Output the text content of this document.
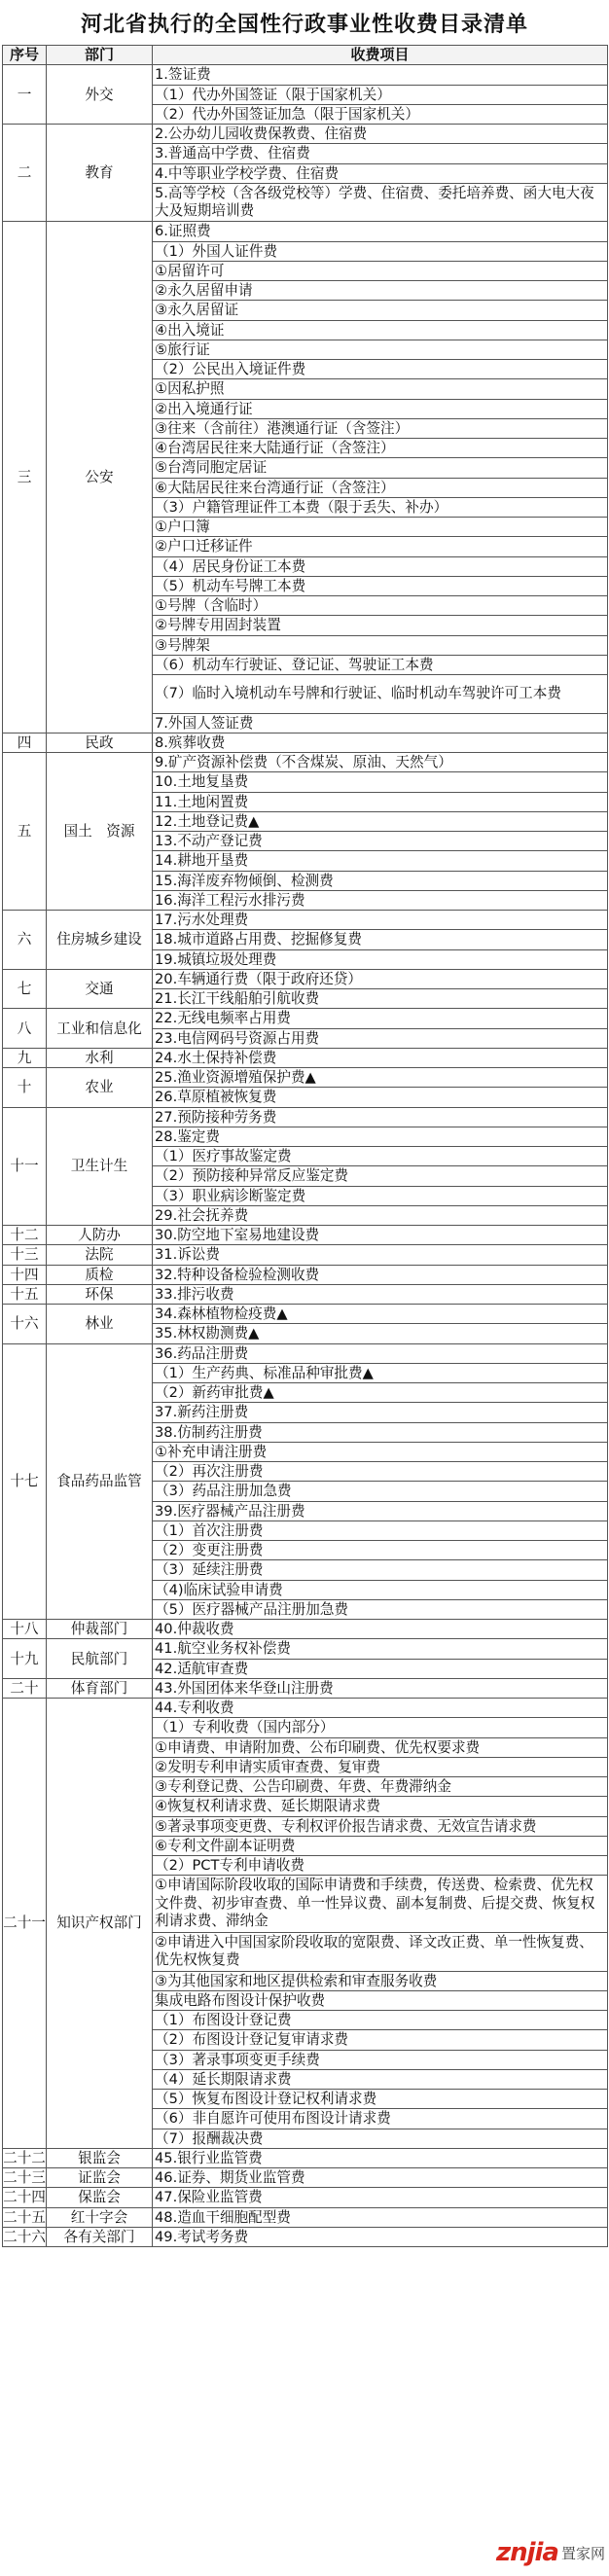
河北省执行的全国性行政事业性收费目录清单
序号	部门	收费项目
一	外交	1.签证费
		（1）代办外国签证（限于国家机关）
		（2）代办外国签证加急（限于国家机关）
二	教育	2.公办幼儿园收费保教费、住宿费
		3.普通高中学费、住宿费
		4.中等职业学校学费、住宿费
		5.高等学校（含各级党校等）学费、住宿费、委托培养费、函大电大夜大及短期培训费
三	公安	6.证照费
		（1）外国人证件费
		①居留许可
		②永久居留申请
		③永久居留证
		④出入境证
		⑤旅行证
		（2）公民出入境证件费
		①因私护照
		②出入境通行证
		③往来（含前往）港澳通行证（含签注）
		④台湾居民往来大陆通行证（含签注）
		⑤台湾同胞定居证
		⑥大陆居民往来台湾通行证（含签注）
		（3）户籍管理证件工本费（限于丢失、补办）
		①户口簿
		②户口迁移证件
		（4）居民身份证工本费
		（5）机动车号牌工本费
		①号牌（含临时）
		②号牌专用固封装置
		③号牌架
		（6）机动车行驶证、登记证、驾驶证工本费
		（7）临时入境机动车号牌和行驶证、临时机动车驾驶许可工本费
		7.外国人签证费
四	民政	8.殡葬收费
五	国土　资源	9.矿产资源补偿费（不含煤炭、原油、天然气）
		10.土地复垦费
		11.土地闲置费
		12.土地登记费▲
		13.不动产登记费
		14.耕地开垦费
		15.海洋废弃物倾倒、检测费
		16.海洋工程污水排污费
六	住房城乡建设	17.污水处理费
		18.城市道路占用费、挖掘修复费
		19.城镇垃圾处理费
七	交通	20.车辆通行费（限于政府还贷）
		21.长江干线船舶引航收费
八	工业和信息化	22.无线电频率占用费
		23.电信网码号资源占用费
九	水利	24.水土保持补偿费
十	农业	25.渔业资源增殖保护费▲
		26.草原植被恢复费
十一	卫生计生	27.预防接种劳务费
		28.鉴定费
		（1）医疗事故鉴定费
		（2）预防接种异常反应鉴定费
		（3）职业病诊断鉴定费
		29.社会抚养费
十二	人防办	30.防空地下室易地建设费
十三	法院	31.诉讼费
十四	质检	32.特种设备检验检测收费
十五	环保	33.排污收费
十六	林业	34.森林植物检疫费▲
		35.林权勘测费▲
十七	食品药品监管	36.药品注册费
		（1）生产药典、标准品种审批费▲
		（2）新药审批费▲
		37.新药注册费
		38.仿制药注册费
		①补充申请注册费
		（2）再次注册费
		（3）药品注册加急费
		39.医疗器械产品注册费
		（1）首次注册费
		（2）变更注册费
		（3）延续注册费
		（4)临床试验申请费
		（5）医疗器械产品注册加急费
十八	仲裁部门	40.仲裁收费
十九	民航部门	41.航空业务权补偿费
		42.适航审查费
二十	体育部门	43.外国团体来华登山注册费
二十一	知识产权部门	44.专利收费
		（1）专利收费（国内部分）
		①申请费、申请附加费、公布印刷费、优先权要求费
		②发明专利申请实质审查费、复审费
		③专利登记费、公告印刷费、年费、年费滞纳金
		④恢复权利请求费、延长期限请求费
		⑤著录事项变更费、专利权评价报告请求费、无效宣告请求费
		⑥专利文件副本证明费
		（2）PCT专利申请收费
		①申请国际阶段收取的国际申请费和手续费，传送费、检索费、优先权文件费、初步审查费、单一性异议费、副本复制费、后提交费、恢复权利请求费、滞纳金
		②申请进入中国国家阶段收取的宽限费、译文改正费、单一性恢复费、优先权恢复费
		③为其他国家和地区提供检索和审查服务收费
		集成电路布图设计保护收费
		（1）布图设计登记费
		（2）布图设计登记复审请求费
		（3）著录事项变更手续费
		（4）延长期限请求费
		（5）恢复布图设计登记权利请求费
		（6）非自愿许可使用布图设计请求费
		（7）报酬裁决费
二十二	银监会	45.银行业监管费
二十三	证监会	46.证券、期货业监管费
二十四	保监会	47.保险业监管费
二十五	红十字会	48.造血干细胞配型费
二十六	各有关部门	49.考试考务费
znjia 置家网
